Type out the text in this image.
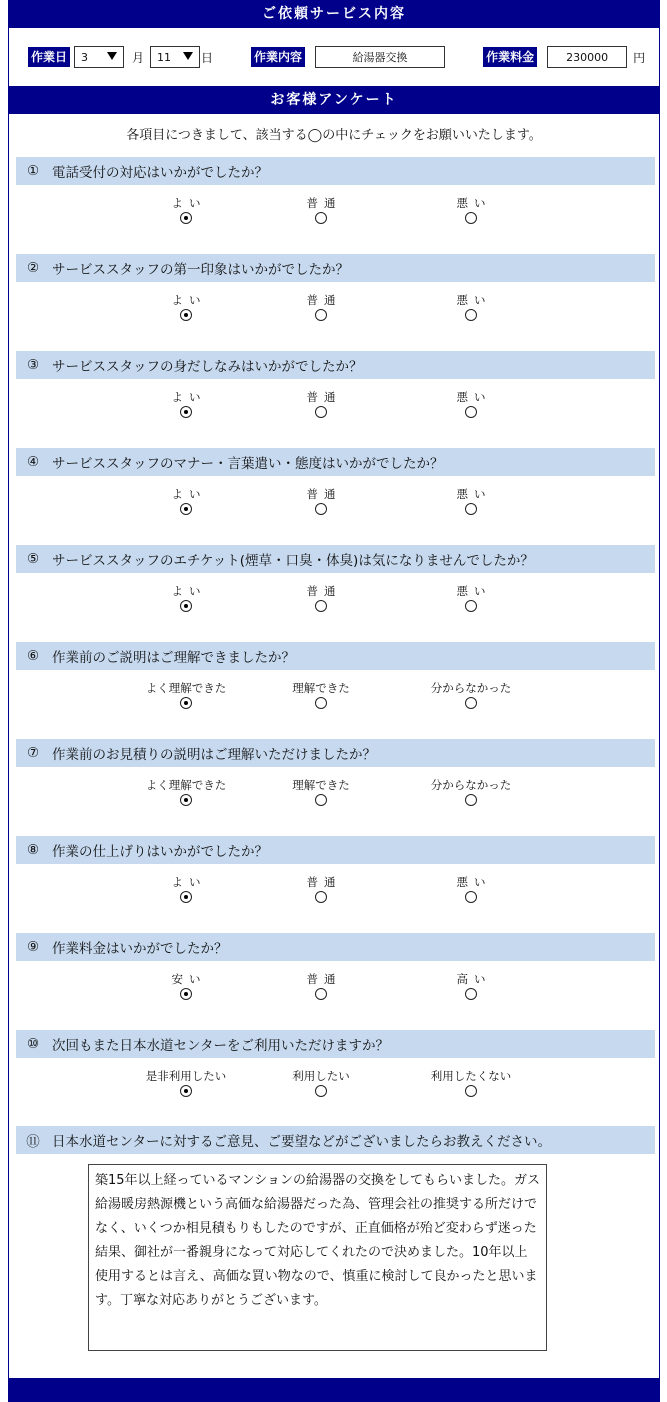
ご依頼サービス内容
作業日 3	月 11	日	作業内容	給湯器交換	作業料金	230000 円
お客様アンケート
各項目につきまして、該当する◯の中にチェックをお願いいたします。
① 電話受付の対応はいかがでしたか？
よい	普通	悪い
② サービススタッフの第一印象はいかがでしたか？
よい	普通	悪い
③ サービススタッフの身だしなみはいかがでしたか？
よい	普通	悪い
④ サービススタッフのマナー・言葉遣い・態度はいかがでしたか？
よい	普通	悪い
⑤ サービススタッフのエチケット(煙草・口臭・体臭)は気になりませんでしたか？
よい	普通	悪い
⑥ 作業前のご説明はご理解できましたか？
よく理解できた	理解できた	分からなかった
⑦ 作業前のお見積りの説明はご理解いただけましたか？
よく理解できた	理解できた	分からなかった
⑧ 作業の仕上げりはいかがでしたか？
よい	普通	悪い
⑨ 作業料金はいかがでしたか？
安い	普通	高い
⑩ 次回もまた日本水道センターをご利用いただけますか？
是非利用したい	利用したい	利用したくない
⑪ 日本水道センターに対するご意見、ご要望などがございましたらお教えください。
築15年以上経っているマンションの給湯器の交換をしてもらいました。ガス給湯暖房熱源機という高価な給湯器だった為、管理会社の推奨する所だけでなく、いくつか相見積もりもしたのですが、正直価格が殆ど変わらず迷った結果、御社が一番親身になって対応してくれたので決めました。10年以上使用するとは言え、高価な買い物なので、慎重に検討して良かったと思います。丁寧な対応ありがとうございます。
